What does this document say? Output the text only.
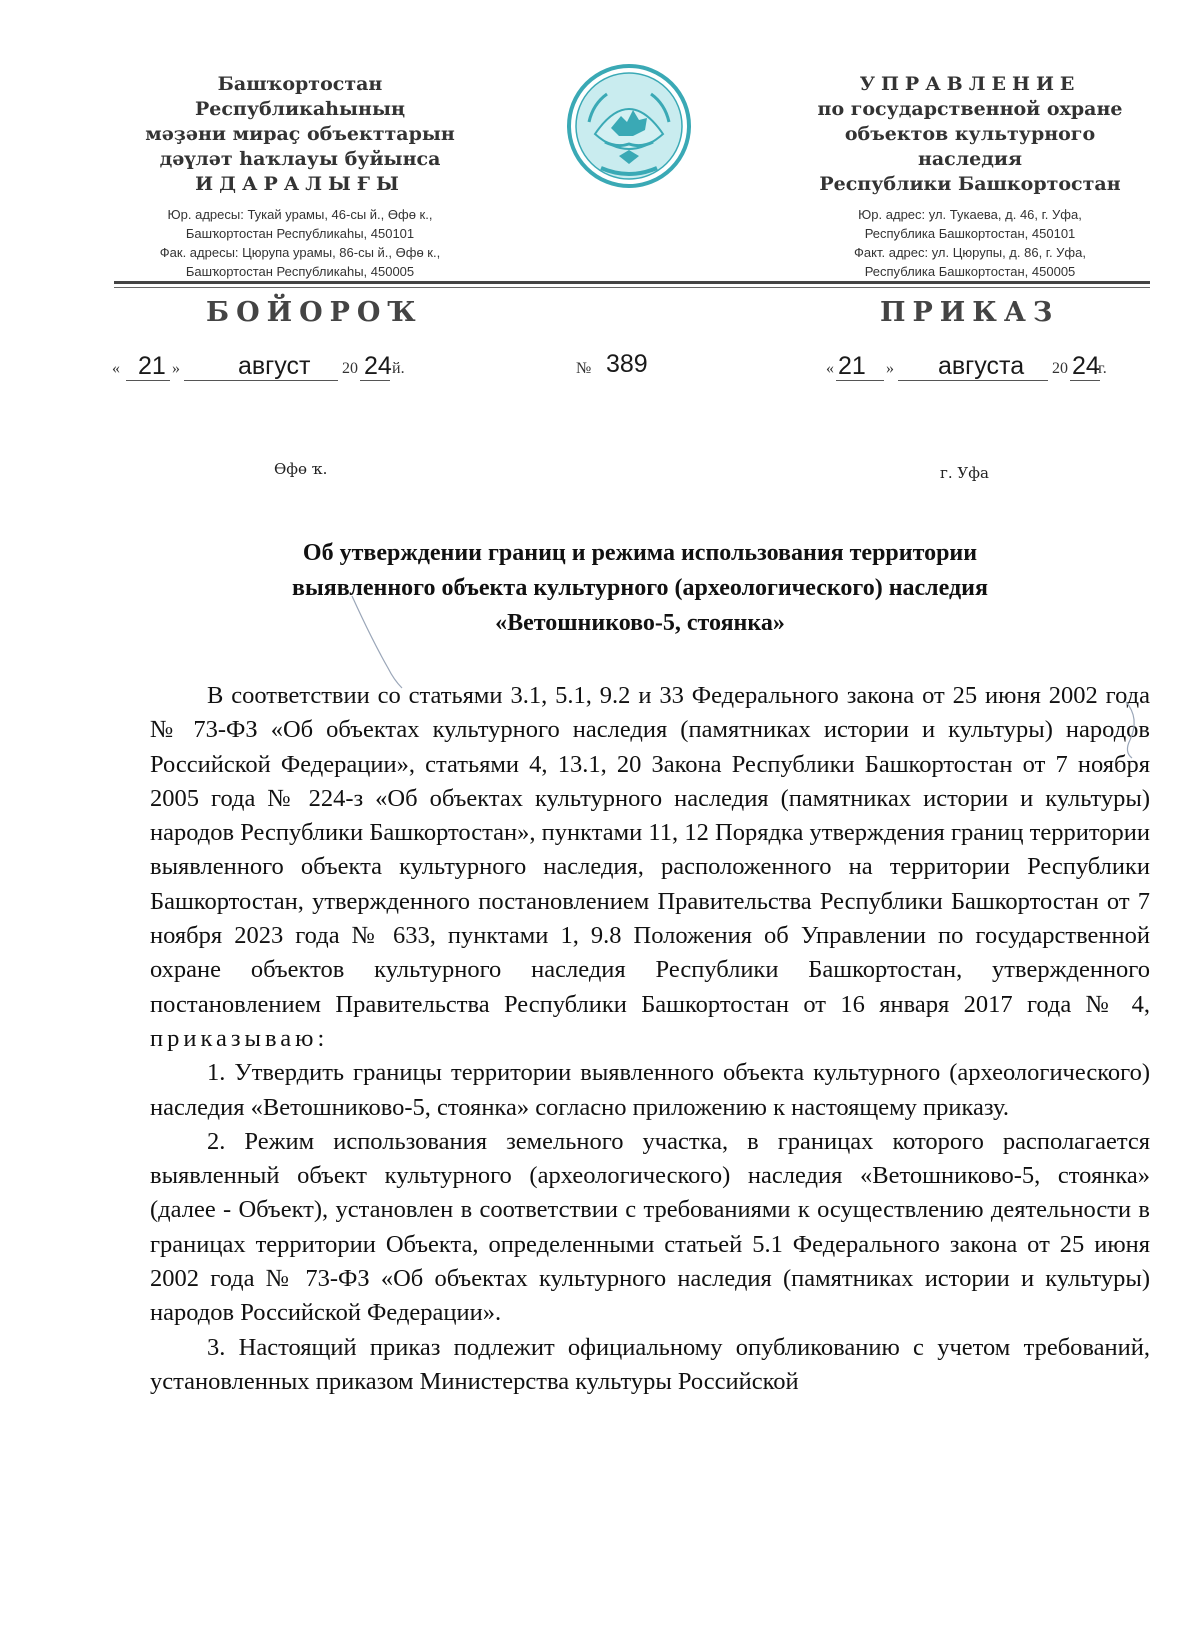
Башҡортостан Республикаһының
мәҙәни мираҫ объекттарын
дәүләт һаҡлауы буйынса
ИДАРАЛЫҒЫ
Юр. адресы: Тукай урамы, 46-сы й., Өфө к.,
Башҡортостан Республикаһы, 450101
Фак. адресы: Цюрупа урамы, 86-сы й., Өфө к.,
Башҡортостан Республикаһы, 450005
УПРАВЛЕНИЕ
по государственной охране
объектов культурного наследия
Республики Башкортостан
Юр. адрес: ул. Тукаева, д. 46, г. Уфа,
Республика Башкортостан, 450101
Факт. адрес: ул. Цюрупы, д. 86, г. Уфа,
Республика Башкортостан, 450005
БОЙОРОҠ	ПРИКАЗ
« 21 » август 20 24 й.	№ 389	« 21 » августа 20 24
г.
Өфө ҡ.	г. Уфа
Об утверждении границ и режима использования территории
выявленного объекта культурного (археологического) наследия
«Ветошниково-5, стоянка»

В соответствии со статьями 3.1, 5.1, 9.2 и 33 Федерального закона от 25 июня 2002 года № 73-ФЗ «Об объектах культурного наследия (памятниках истории и культуры) народов Российской Федерации», статьями 4, 13.1, 20 Закона Республики Башкортостан от 7 ноября 2005 года № 224-з «Об объектах культурного наследия (памятниках истории и культуры) народов Республики Башкортостан», пунктами 11, 12 Порядка утверждения границ территории выявленного объекта культурного наследия, расположенного на территории Республики Башкортостан, утвержденного постановлением Правительства Республики Башкортостан от 7 ноября 2023 года № 633, пунктами 1, 9.8 Положения об Управлении по государственной охране объектов культурного наследия Республики Башкортостан, утвержденного постановлением Правительства Республики Башкортостан от 16 января 2017 года № 4, приказываю:

1. Утвердить границы территории выявленного объекта культурного (археологического) наследия «Ветошниково-5, стоянка» согласно приложению к настоящему приказу.

2. Режим использования земельного участка, в границах которого располагается выявленный объект культурного (археологического) наследия «Ветошниково-5, стоянка» (далее - Объект), установлен в соответствии с требованиями к осуществлению деятельности в границах территории Объекта, определенными статьей 5.1 Федерального закона от 25 июня 2002 года № 73-ФЗ «Об объектах культурного наследия (памятниках истории и культуры) народов Российской Федерации».

3. Настоящий приказ подлежит официальному опубликованию с учетом требований, установленных приказом Министерства культуры Российской
